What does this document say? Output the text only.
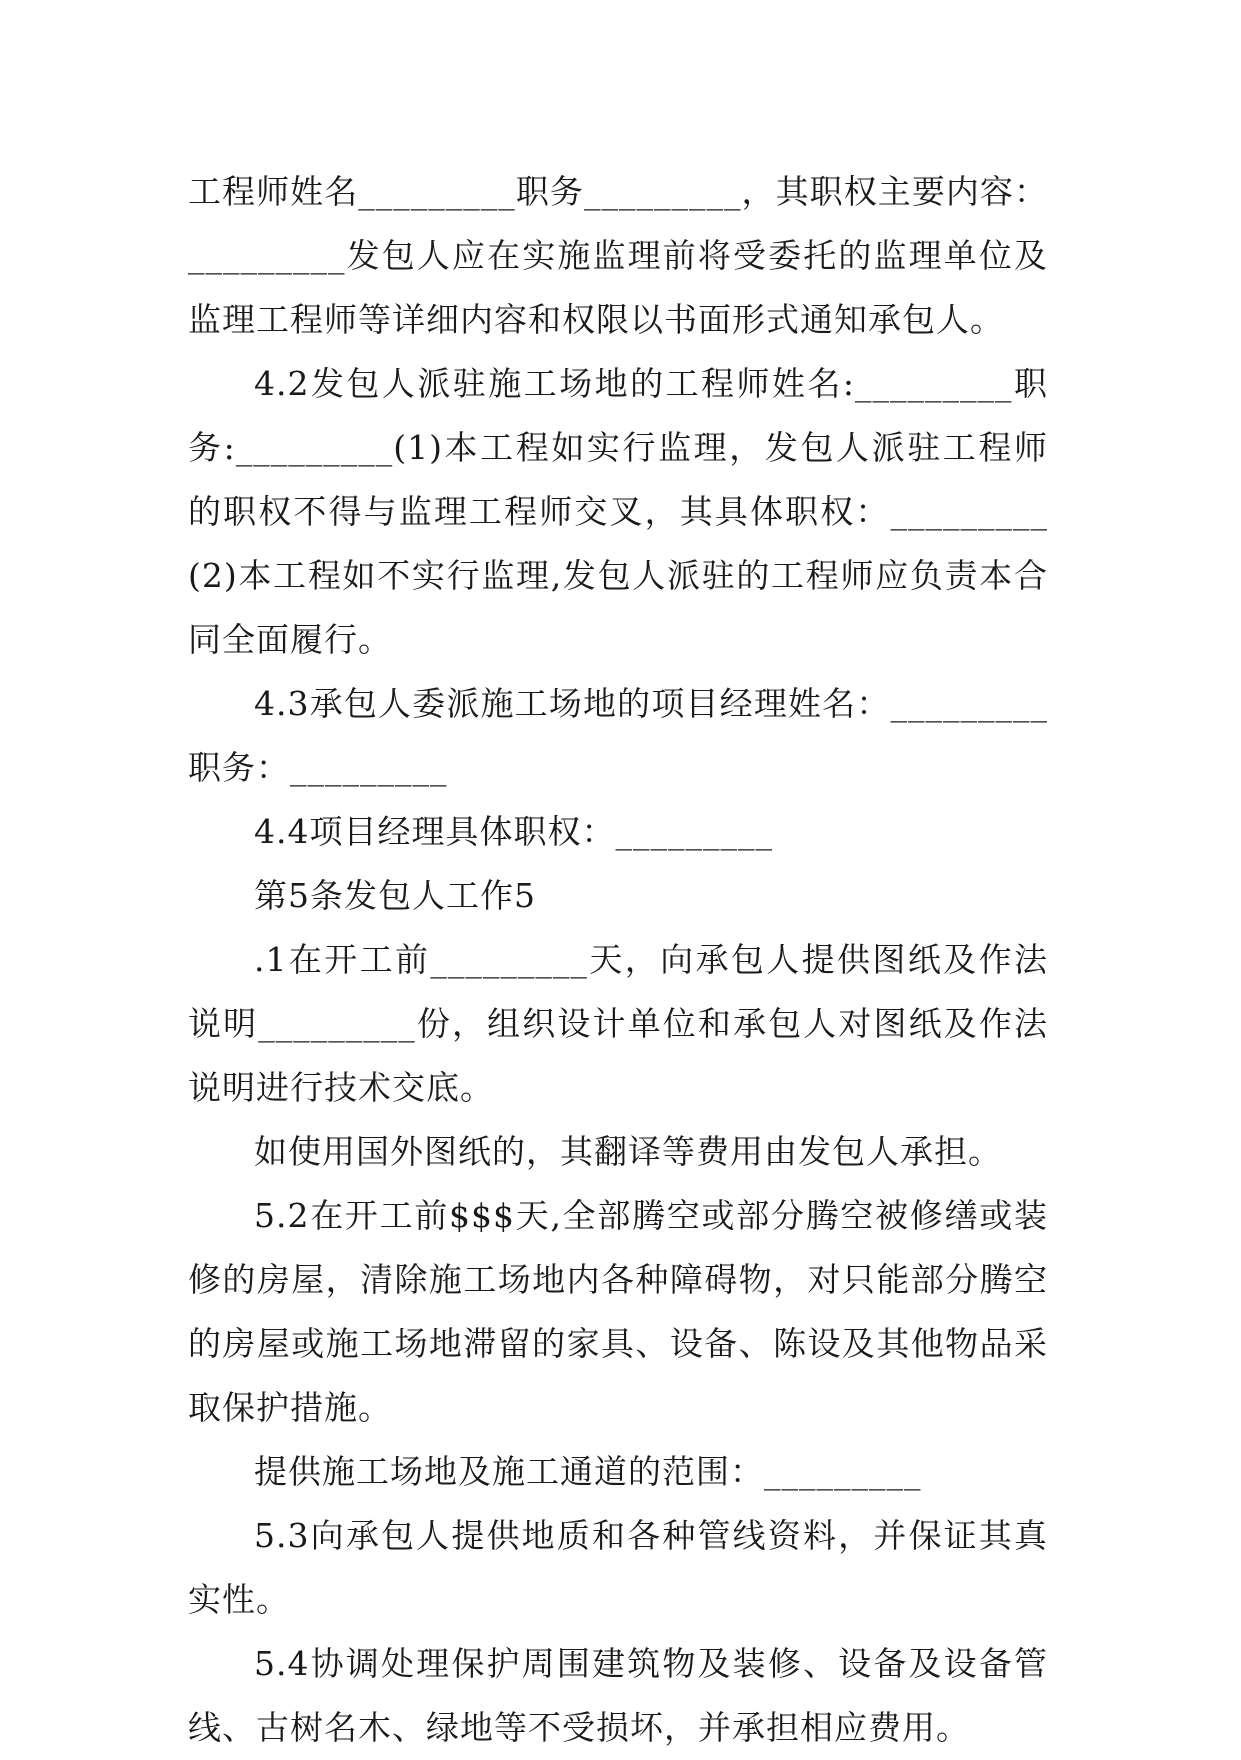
工程师姓名_________职务_________，其职权主要内容：_________发包人应在实施监理前将受委托的监理单位及监理工程师等详细内容和权限以书面形式通知承包人。

4.2发包人派驻施工场地的工程师姓名:_________职务:_________(1)本工程如实行监理，发包人派驻工程师的职权不得与监理工程师交叉，其具体职权：_________(2)本工程如不实行监理,发包人派驻的工程师应负责本合同全面履行。

4.3承包人委派施工场地的项目经理姓名：_________职务：_________

4.4项目经理具体职权：_________

第5条发包人工作5

.1在开工前_________天，向承包人提供图纸及作法说明_________份，组织设计单位和承包人对图纸及作法说明进行技术交底。

如使用国外图纸的，其翻译等费用由发包人承担。

5.2在开工前$$$天,全部腾空或部分腾空被修缮或装修的房屋，清除施工场地内各种障碍物，对只能部分腾空的房屋或施工场地滞留的家具、设备、陈设及其他物品采取保护措施。

提供施工场地及施工通道的范围：_________

5.3向承包人提供地质和各种管线资料，并保证其真实性。

5.4协调处理保护周围建筑物及装修、设备及设备管线、古树名木、绿地等不受损坏，并承担相应费用。
